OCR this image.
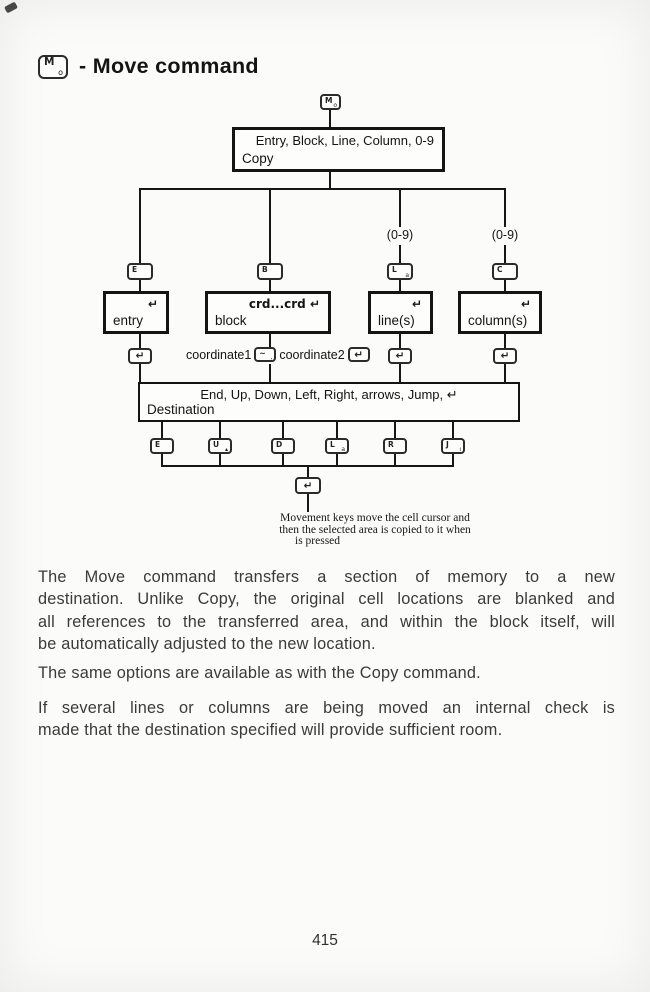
M
o - Move command
M
o
Entry, Block, Line, Column, 0-9
Copy
(0-9)	(0-9)
E	B	L
a
C
↵
entry
crd...crd ↵
block
↵
line(s)
↵
column(s)
↵	coordinate1 ~ , coordinate2 ↵	↵	↵
End, Up, Down, Left, Right, arrows, Jump, ↵
Destination
E	U
▴
D	L
a
R	J
ı
↵
Movement keys move the cell cursor and
then the selected area is copied to it when
is pressed
The Move command transfers a section of memory to a new
destination. Unlike Copy, the original cell locations are blanked and
all references to the transferred area, and within the block itself, will
be automatically adjusted to the new location.
The same options are available as with the Copy command.
If several lines or columns are being moved an internal check is
made that the destination specified will provide sufficient room.
415
